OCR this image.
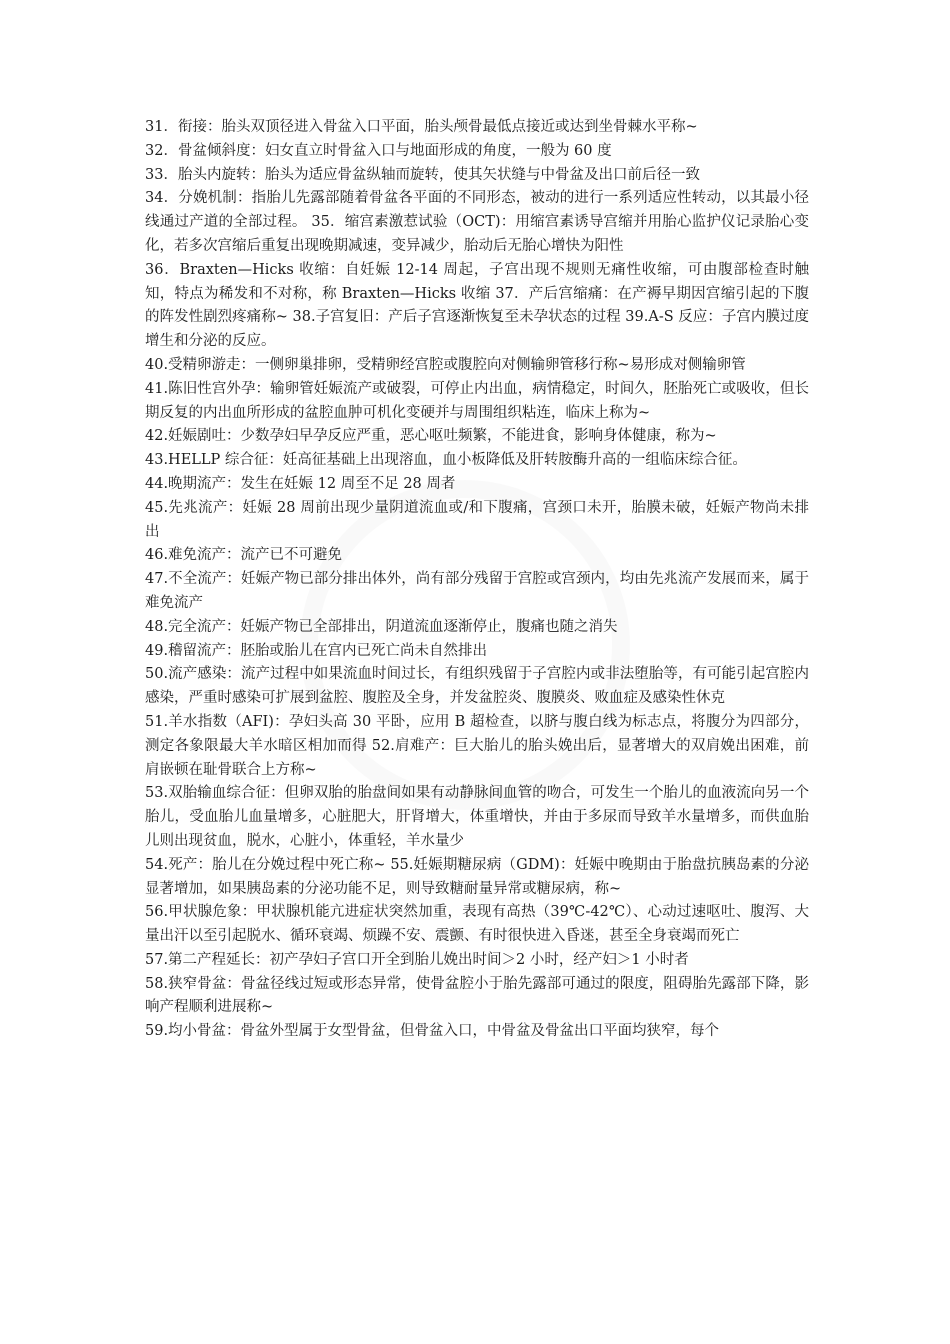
31．衔接：胎头双顶径进入骨盆入口平面，胎头颅骨最低点接近或达到坐骨棘水平称~

32．骨盆倾斜度：妇女直立时骨盆入口与地面形成的角度，一般为 60 度

33．胎头内旋转：胎头为适应骨盆纵轴而旋转，使其矢状缝与中骨盆及出口前后径一致

34．分娩机制：指胎儿先露部随着骨盆各平面的不同形态，被动的进行一系列适应性转动，以其最小径线通过产道的全部过程。 35．缩宫素激惹试验（OCT)：用缩宫素诱导宫缩并用胎心监护仪记录胎心变化，若多次宫缩后重复出现晚期减速，变异减少，胎动后无胎心增快为阳性

36．Braxten—Hicks 收缩：自妊娠 12-14 周起，子宫出现不规则无痛性收缩，可由腹部检查时触知，特点为稀发和不对称，称 Braxten—Hicks 收缩 37．产后宫缩痛：在产褥早期因宫缩引起的下腹的阵发性剧烈疼痛称~ 38.子宫复旧：产后子宫逐渐恢复至未孕状态的过程 39.A-S 反应：子宫内膜过度增生和分泌的反应。

40.受精卵游走：一侧卵巢排卵，受精卵经宫腔或腹腔向对侧输卵管移行称~易形成对侧输卵管

41.陈旧性宫外孕：输卵管妊娠流产或破裂，可停止内出血，病情稳定，时间久，胚胎死亡或吸收，但长期反复的内出血所形成的盆腔血肿可机化变硬并与周围组织粘连，临床上称为~

42.妊娠剧吐：少数孕妇早孕反应严重，恶心呕吐频繁，不能进食，影响身体健康，称为~

43.HELLP 综合征：妊高征基础上出现溶血，血小板降低及肝转胺酶升高的一组临床综合征。

44.晚期流产：发生在妊娠 12 周至不足 28 周者

45.先兆流产：妊娠 28 周前出现少量阴道流血或/和下腹痛，宫颈口未开，胎膜未破，妊娠产物尚未排出

46.难免流产：流产已不可避免

47.不全流产：妊娠产物已部分排出体外，尚有部分残留于宫腔或宫颈内，均由先兆流产发展而来，属于难免流产

48.完全流产：妊娠产物已全部排出，阴道流血逐渐停止，腹痛也随之消失

49.稽留流产：胚胎或胎儿在宫内已死亡尚未自然排出

50.流产感染：流产过程中如果流血时间过长，有组织残留于子宫腔内或非法堕胎等，有可能引起宫腔内感染，严重时感染可扩展到盆腔、腹腔及全身，并发盆腔炎、腹膜炎、败血症及感染性休克

51.羊水指数（AFI)：孕妇头高 30 平卧，应用 B 超检查，以脐与腹白线为标志点，将腹分为四部分，测定各象限最大羊水暗区相加而得 52.肩难产：巨大胎儿的胎头娩出后，显著增大的双肩娩出困难，前肩嵌顿在耻骨联合上方称~

53.双胎输血综合征：但卵双胎的胎盘间如果有动静脉间血管的吻合，可发生一个胎儿的血液流向另一个胎儿，受血胎儿血量增多，心脏肥大，肝肾增大，体重增快，并由于多尿而导致羊水量增多，而供血胎儿则出现贫血，脱水，心脏小，体重轻，羊水量少

54.死产：胎儿在分娩过程中死亡称~ 55.妊娠期糖尿病（GDM)：妊娠中晚期由于胎盘抗胰岛素的分泌显著增加，如果胰岛素的分泌功能不足，则导致糖耐量异常或糖尿病，称~

56.甲状腺危象：甲状腺机能亢进症状突然加重，表现有高热（39℃-42℃）、心动过速呕吐、腹泻、大量出汗以至引起脱水、循环衰竭、烦躁不安、震颤、有时很快进入昏迷，甚至全身衰竭而死亡

57.第二产程延长：初产孕妇子宫口开全到胎儿娩出时间＞2 小时，经产妇＞1 小时者

58.狭窄骨盆：骨盆径线过短或形态异常，使骨盆腔小于胎先露部可通过的限度，阻碍胎先露部下降，影响产程顺利进展称~

59.均小骨盆：骨盆外型属于女型骨盆，但骨盆入口，中骨盆及骨盆出口平面均狭窄，每个
